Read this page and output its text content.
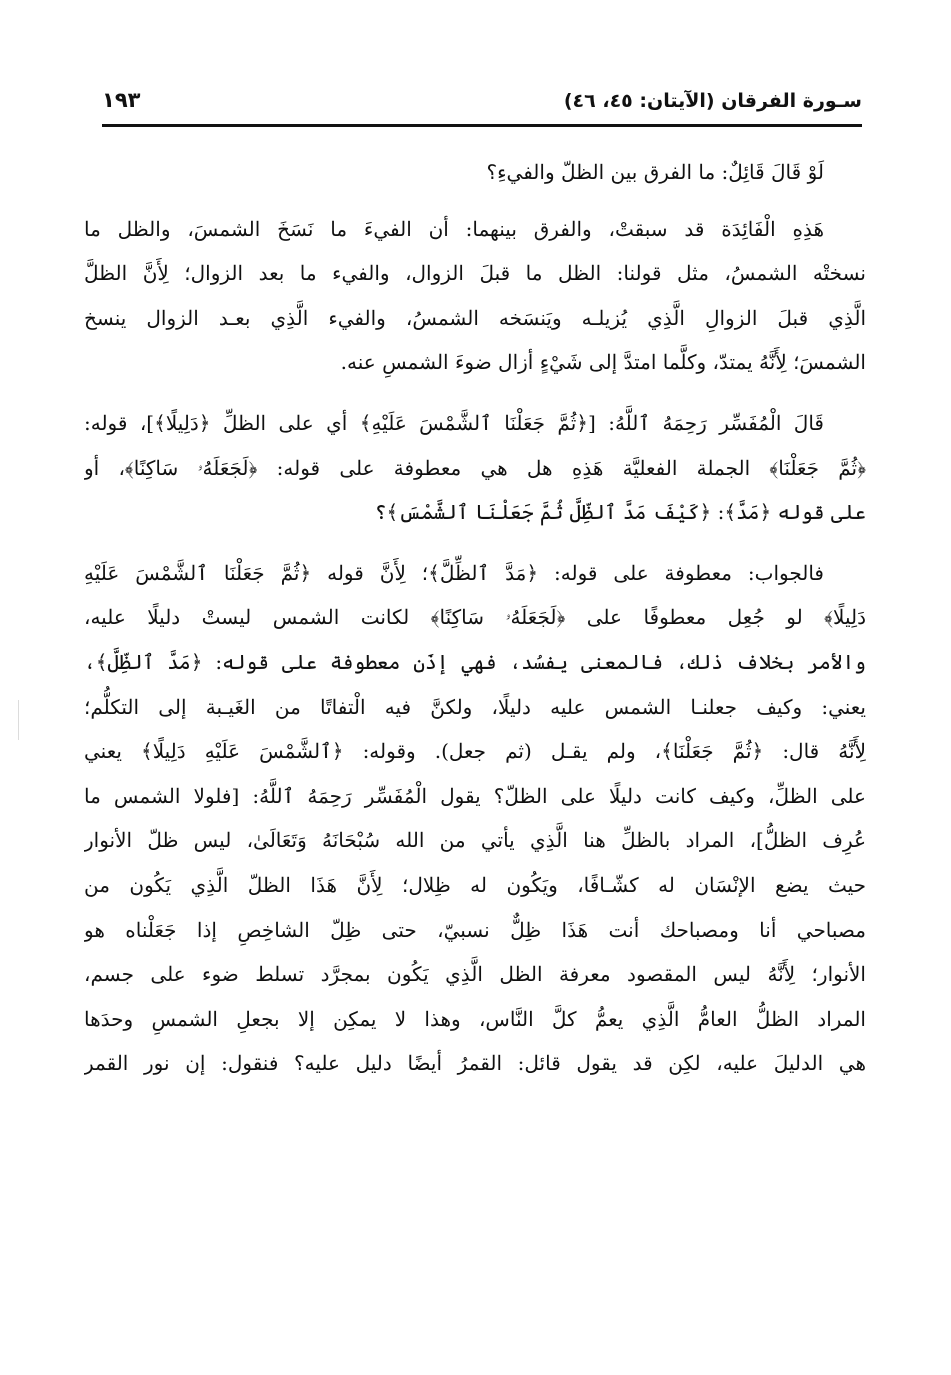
سـورة الفرقان (الآيتان: ٤٥، ٤٦)
١٩٣
لَوْ قَالَ قَائِلٌ: ما الفرق بين الظلّ والفيءِ؟
هَذِهِ الْفَائِدَة قد سبقتْ، والفرق بينهما: أن الفيءَ ما نَسَخَ الشمسَ، والظل ما
نسختْه الشمسُ، مثل قولنا: الظل ما قبلَ الزوال، والفيء ما بعد الزوال؛ لِأَنَّ الظلَّ
الَّذِي قبلَ الزوالِ الَّذِي يُزيلـه ويَنسَخه الشمسُ، والفيء الَّذِي بعـد الزوال ينسخ
الشمسَ؛ لِأَنَّهُ يمتدّ، وكلَّما امتدَّ إلى شَيْءٍ أزال ضوءَ الشمسِ عنه.
قَالَ الْمُفَسِّر رَحِمَهُ ٱللَّهُ: [﴿ثُمَّ جَعَلْنَا ٱلشَّمْسَ عَلَيْهِ﴾ أي على الظلِّ ﴿دَلِيلًا﴾]، قوله:
﴿ثُمَّ جَعَلْنَا﴾ الجملة الفعليَّة هَذِهِ هل هي معطوفة على قوله: ﴿لَجَعَلَهُۥ سَاكِنًا﴾، أو
على قوله ﴿مَدَّ﴾: ﴿كَيْفَ مَدَّ ٱلظِّلَّ ثُمَّ جَعَلْنَا ٱلشَّمْسَ﴾؟
فالجواب: معطوفة على قوله: ﴿مَدَّ ٱلظِّلَّ﴾؛ لِأَنَّ قوله ﴿ثُمَّ جَعَلْنَا ٱلشَّمْسَ عَلَيْهِ
دَلِيلًا﴾ لو جُعِل معطوفًا على ﴿لَجَعَلَهُۥ سَاكِنًا﴾ لكانت الشمس ليستْ دليلًا عليه،
والأمر بخلاف ذلك، فالمعنى يفسُد، فهي إذَن معطوفة على قوله: ﴿مَدَّ ٱلظِّلَّ﴾،
يعني: وكيف جعلنـا الشمس عليه دليلًا، ولكنَّ فيه الْتفاتًا من الغَيـبة إلى التكلُّم؛
لِأَنَّهُ قال: ﴿ثُمَّ جَعَلْنَا﴾، ولم يقـل (ثم جعل). وقوله: ﴿ٱلشَّمْسَ عَلَيْهِ دَلِيلًا﴾ يعني
على الظلِّ، وكيف كانت دليلًا على الظلّ؟ يقول الْمُفَسِّر رَحِمَهُ ٱللَّهُ: [فلولا الشمس ما
عُرِف الظلُّ]، المراد بالظلِّ هنا الَّذِي يأتي من الله سُبْحَانَهُ وَتَعَالَىٰ، ليس ظلّ الأنوار
حيث يضع الإنْسَان له كشّـافًا، ويَكُون له ظِلال؛ لِأَنَّ هَذَا الظلّ الَّذِي يَكُون من
مصباحي أنا ومصباحك أنت هَذَا ظِلٌّ نسبيّ، حتى ظِلّ الشاخِصِ إذا جَعَلْناه هو
الأنوار؛ لِأَنَّهُ ليس المقصود معرفة الظل الَّذِي يَكُون بمجرَّد تسلط ضوء على جسم،
المراد الظلُّ العامُّ الَّذِي يعمُّ كلَّ النَّاس، وهذا لا يمكِن إلا بجعلِ الشمسِ وحدَها
هي الدليلَ عليه، لكِن قد يقول قائل: القمرُ أيضًا دليل عليه؟ فنقول: إن نور القمر
